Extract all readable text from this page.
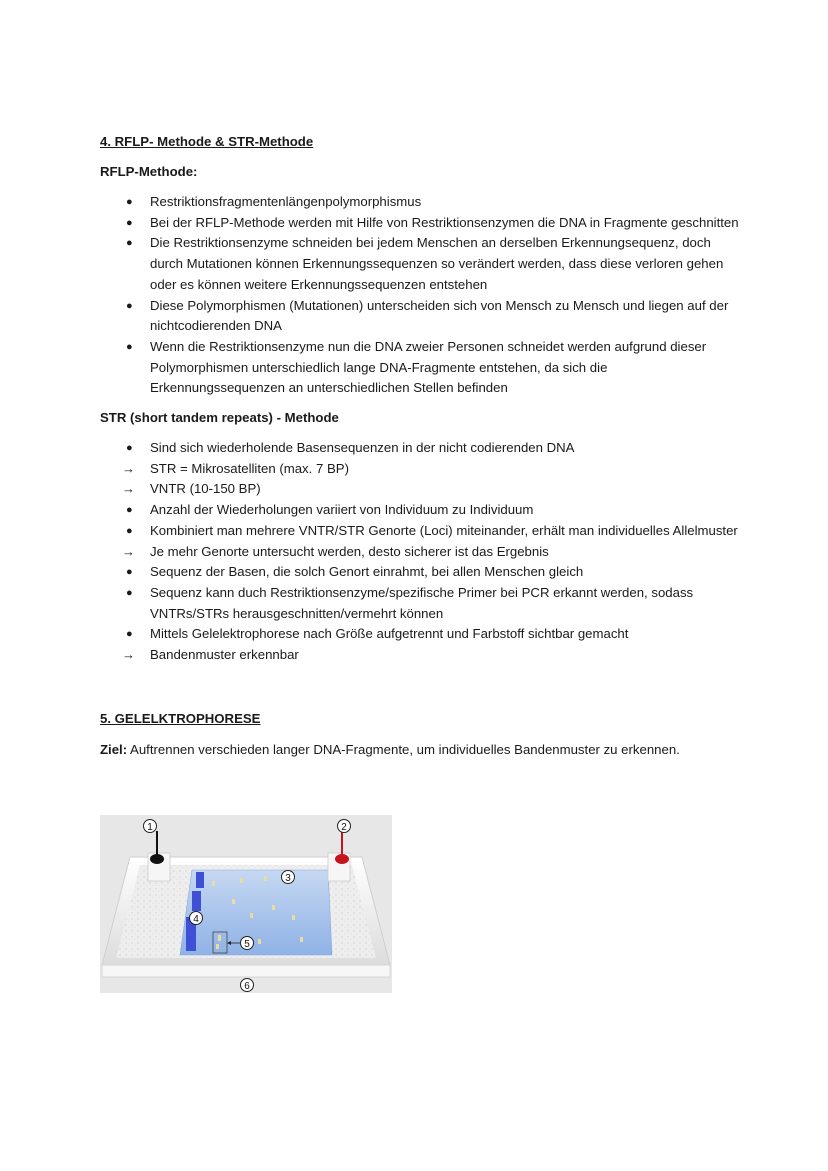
4. RFLP- Methode & STR-Methode

RFLP-Methode:

●	Restriktionsfragmentenlängenpolymorphismus
●	Bei der RFLP-Methode werden mit Hilfe von Restriktionsenzymen die DNA in Fragmente geschnitten
●	Die Restriktionsenzyme schneiden bei jedem Menschen an derselben Erkennungsequenz, doch durch Mutationen können Erkennungssequenzen so verändert werden, dass diese verloren gehen oder es können weitere Erkennungssequenzen entstehen
●	Diese Polymorphismen (Mutationen) unterscheiden sich von Mensch zu Mensch und liegen auf der nichtcodierenden DNA
●	Wenn die Restriktionsenzyme nun die DNA zweier Personen schneidet werden aufgrund dieser Polymorphismen unterschiedlich lange DNA-Fragmente entstehen, da sich die Erkennungssequenzen an unterschiedlichen Stellen befinden

STR (short tandem repeats) - Methode

●	Sind sich wiederholende Basensequenzen in der nicht codierenden DNA
→	STR = Mikrosatelliten (max. 7 BP)
→	VNTR (10-150 BP)
●	Anzahl der Wiederholungen variiert von Individuum zu Individuum
●	Kombiniert man mehrere VNTR/STR Genorte (Loci) miteinander, erhält man individuelles Allelmuster
→	Je mehr Genorte untersucht werden, desto sicherer ist das Ergebnis
●	Sequenz der Basen, die solch Genort einrahmt, bei allen Menschen gleich
●	Sequenz kann duch Restriktionsenzyme/spezifische Primer bei PCR erkannt werden, sodass VNTRs/STRs herausgeschnitten/vermehrt können
●	Mittels Gelelektrophorese nach Größe aufgetrennt und Farbstoff sichtbar gemacht
→	Bandenmuster erkennbar

5. GELELKTROPHORESE

Ziel: Auftrennen verschieden langer DNA-Fragmente, um individuelles Bandenmuster zu erkennen.

1	2
3
4
5
6
